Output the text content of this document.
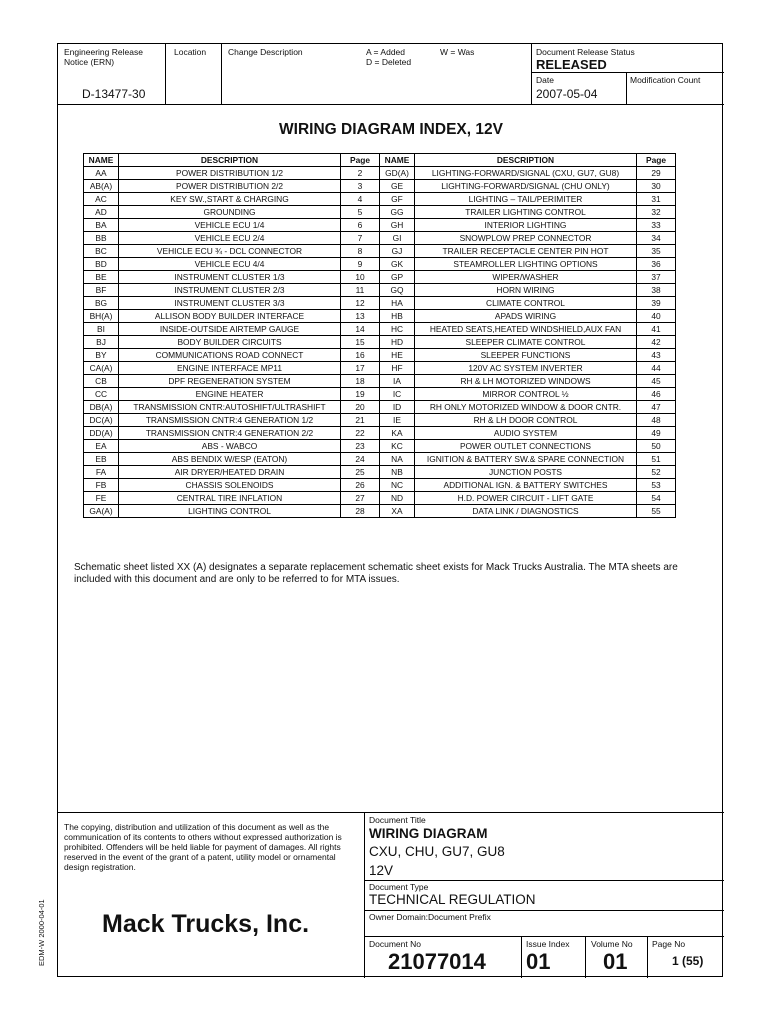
Engineering Release Notice (ERN)
Location	Change Description	A = Added	W = Was
D = Deleted
Document Release Status
RELEASED
Date
2007-05-04
Modification Count
D-13477-30
WIRING DIAGRAM INDEX, 12V
NAME	DESCRIPTION	Page	NAME	DESCRIPTION	Page
AA	POWER DISTRIBUTION 1/2	2	GD(A)	LIGHTING-FORWARD/SIGNAL (CXU, GU7, GU8)	29
AB(A)	POWER DISTRIBUTION 2/2	3	GE	LIGHTING-FORWARD/SIGNAL (CHU ONLY)	30
AC	KEY SW.,START & CHARGING	4	GF	LIGHTING – TAIL/PERIMITER	31
AD	GROUNDING	5	GG	TRAILER LIGHTING CONTROL	32
BA	VEHICLE ECU 1/4	6	GH	INTERIOR LIGHTING	33
BB	VEHICLE ECU 2/4	7	GI	SNOWPLOW PREP CONNECTOR	34
BC	VEHICLE ECU ¾ - DCL CONNECTOR	8	GJ	TRAILER RECEPTACLE CENTER PIN HOT	35
BD	VEHICLE ECU 4/4	9	GK	STEAMROLLER LIGHTING OPTIONS	36
BE	INSTRUMENT CLUSTER 1/3	10	GP	WIPER/WASHER	37
BF	INSTRUMENT CLUSTER 2/3	11	GQ	HORN WIRING	38
BG	INSTRUMENT CLUSTER 3/3	12	HA	CLIMATE CONTROL	39
BH(A)	ALLISON BODY BUILDER INTERFACE	13	HB	APADS WIRING	40
BI	INSIDE-OUTSIDE AIRTEMP GAUGE	14	HC	HEATED SEATS,HEATED WINDSHIELD,AUX FAN	41
BJ	BODY BUILDER CIRCUITS	15	HD	SLEEPER CLIMATE CONTROL	42
BY	COMMUNICATIONS ROAD CONNECT	16	HE	SLEEPER FUNCTIONS	43
CA(A)	ENGINE INTERFACE MP11	17	HF	120V AC SYSTEM INVERTER	44
CB	DPF REGENERATION SYSTEM	18	IA	RH & LH MOTORIZED WINDOWS	45
CC	ENGINE HEATER	19	IC	MIRROR CONTROL ½	46
DB(A)	TRANSMISSION CNTR:AUTOSHIFT/ULTRASHIFT	20	ID	RH ONLY MOTORIZED WINDOW & DOOR CNTR.	47
DC(A)	TRANSMISSION CNTR:4 GENERATION 1/2	21	IE	RH & LH DOOR CONTROL	48
DD(A)	TRANSMISSION CNTR:4 GENERATION 2/2	22	KA	AUDIO SYSTEM	49
EA	ABS - WABCO	23	KC	POWER OUTLET CONNECTIONS	50
EB	ABS BENDIX W/ESP (EATON)	24	NA	IGNITION & BATTERY SW.& SPARE CONNECTION	51
FA	AIR DRYER/HEATED DRAIN	25	NB	JUNCTION POSTS	52
FB	CHASSIS SOLENOIDS	26	NC	ADDITIONAL IGN. & BATTERY SWITCHES	53
FE	CENTRAL TIRE INFLATION	27	ND	H.D. POWER CIRCUIT - LIFT GATE	54
GA(A)	LIGHTING CONTROL	28	XA	DATA LINK / DIAGNOSTICS	55
Schematic sheet listed XX (A) designates a separate replacement schematic sheet exists for Mack Trucks Australia. The MTA sheets are included with this document and are only to be referred to for MTA issues.
The copying, distribution and utilization of this document as well as the communication of its contents to others without expressed authorization is prohibited. Offenders will be held liable for payment of damages. All rights reserved in the event of the grant of a patent, utility model or ornamental design registration.
Mack Trucks, Inc.
Document Title
WIRING DIAGRAM
CXU, CHU, GU7, GU8
12V
Document Type
TECHNICAL REGULATION
Owner Domain:Document Prefix
Document No
21077014
Issue Index
01
Volume No
01
Page No
1 (55)
EDM-W 2000-04-01
